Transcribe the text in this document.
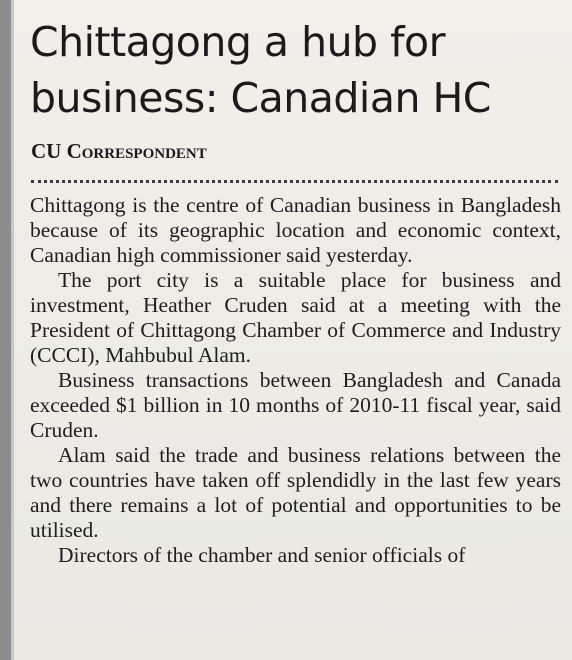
Chittagong a hub for business: Canadian HC
CU Correspondent

Chittagong is the centre of Canadian business in Bangladesh because of its geographic location and economic context, Canadian high commissioner said yesterday.

The port city is a suitable place for business and investment, Heather Cruden said at a meeting with the President of Chittagong Chamber of Commerce and Industry (CCCI), Mahbubul Alam.

Business transactions between Bangladesh and Canada exceeded $1 billion in 10 months of 2010-11 fiscal year, said Cruden.

Alam said the trade and business relations between the two countries have taken off splendidly in the last few years and there remains a lot of potential and opportunities to be utilised.

Directors of the chamber and senior officials of
